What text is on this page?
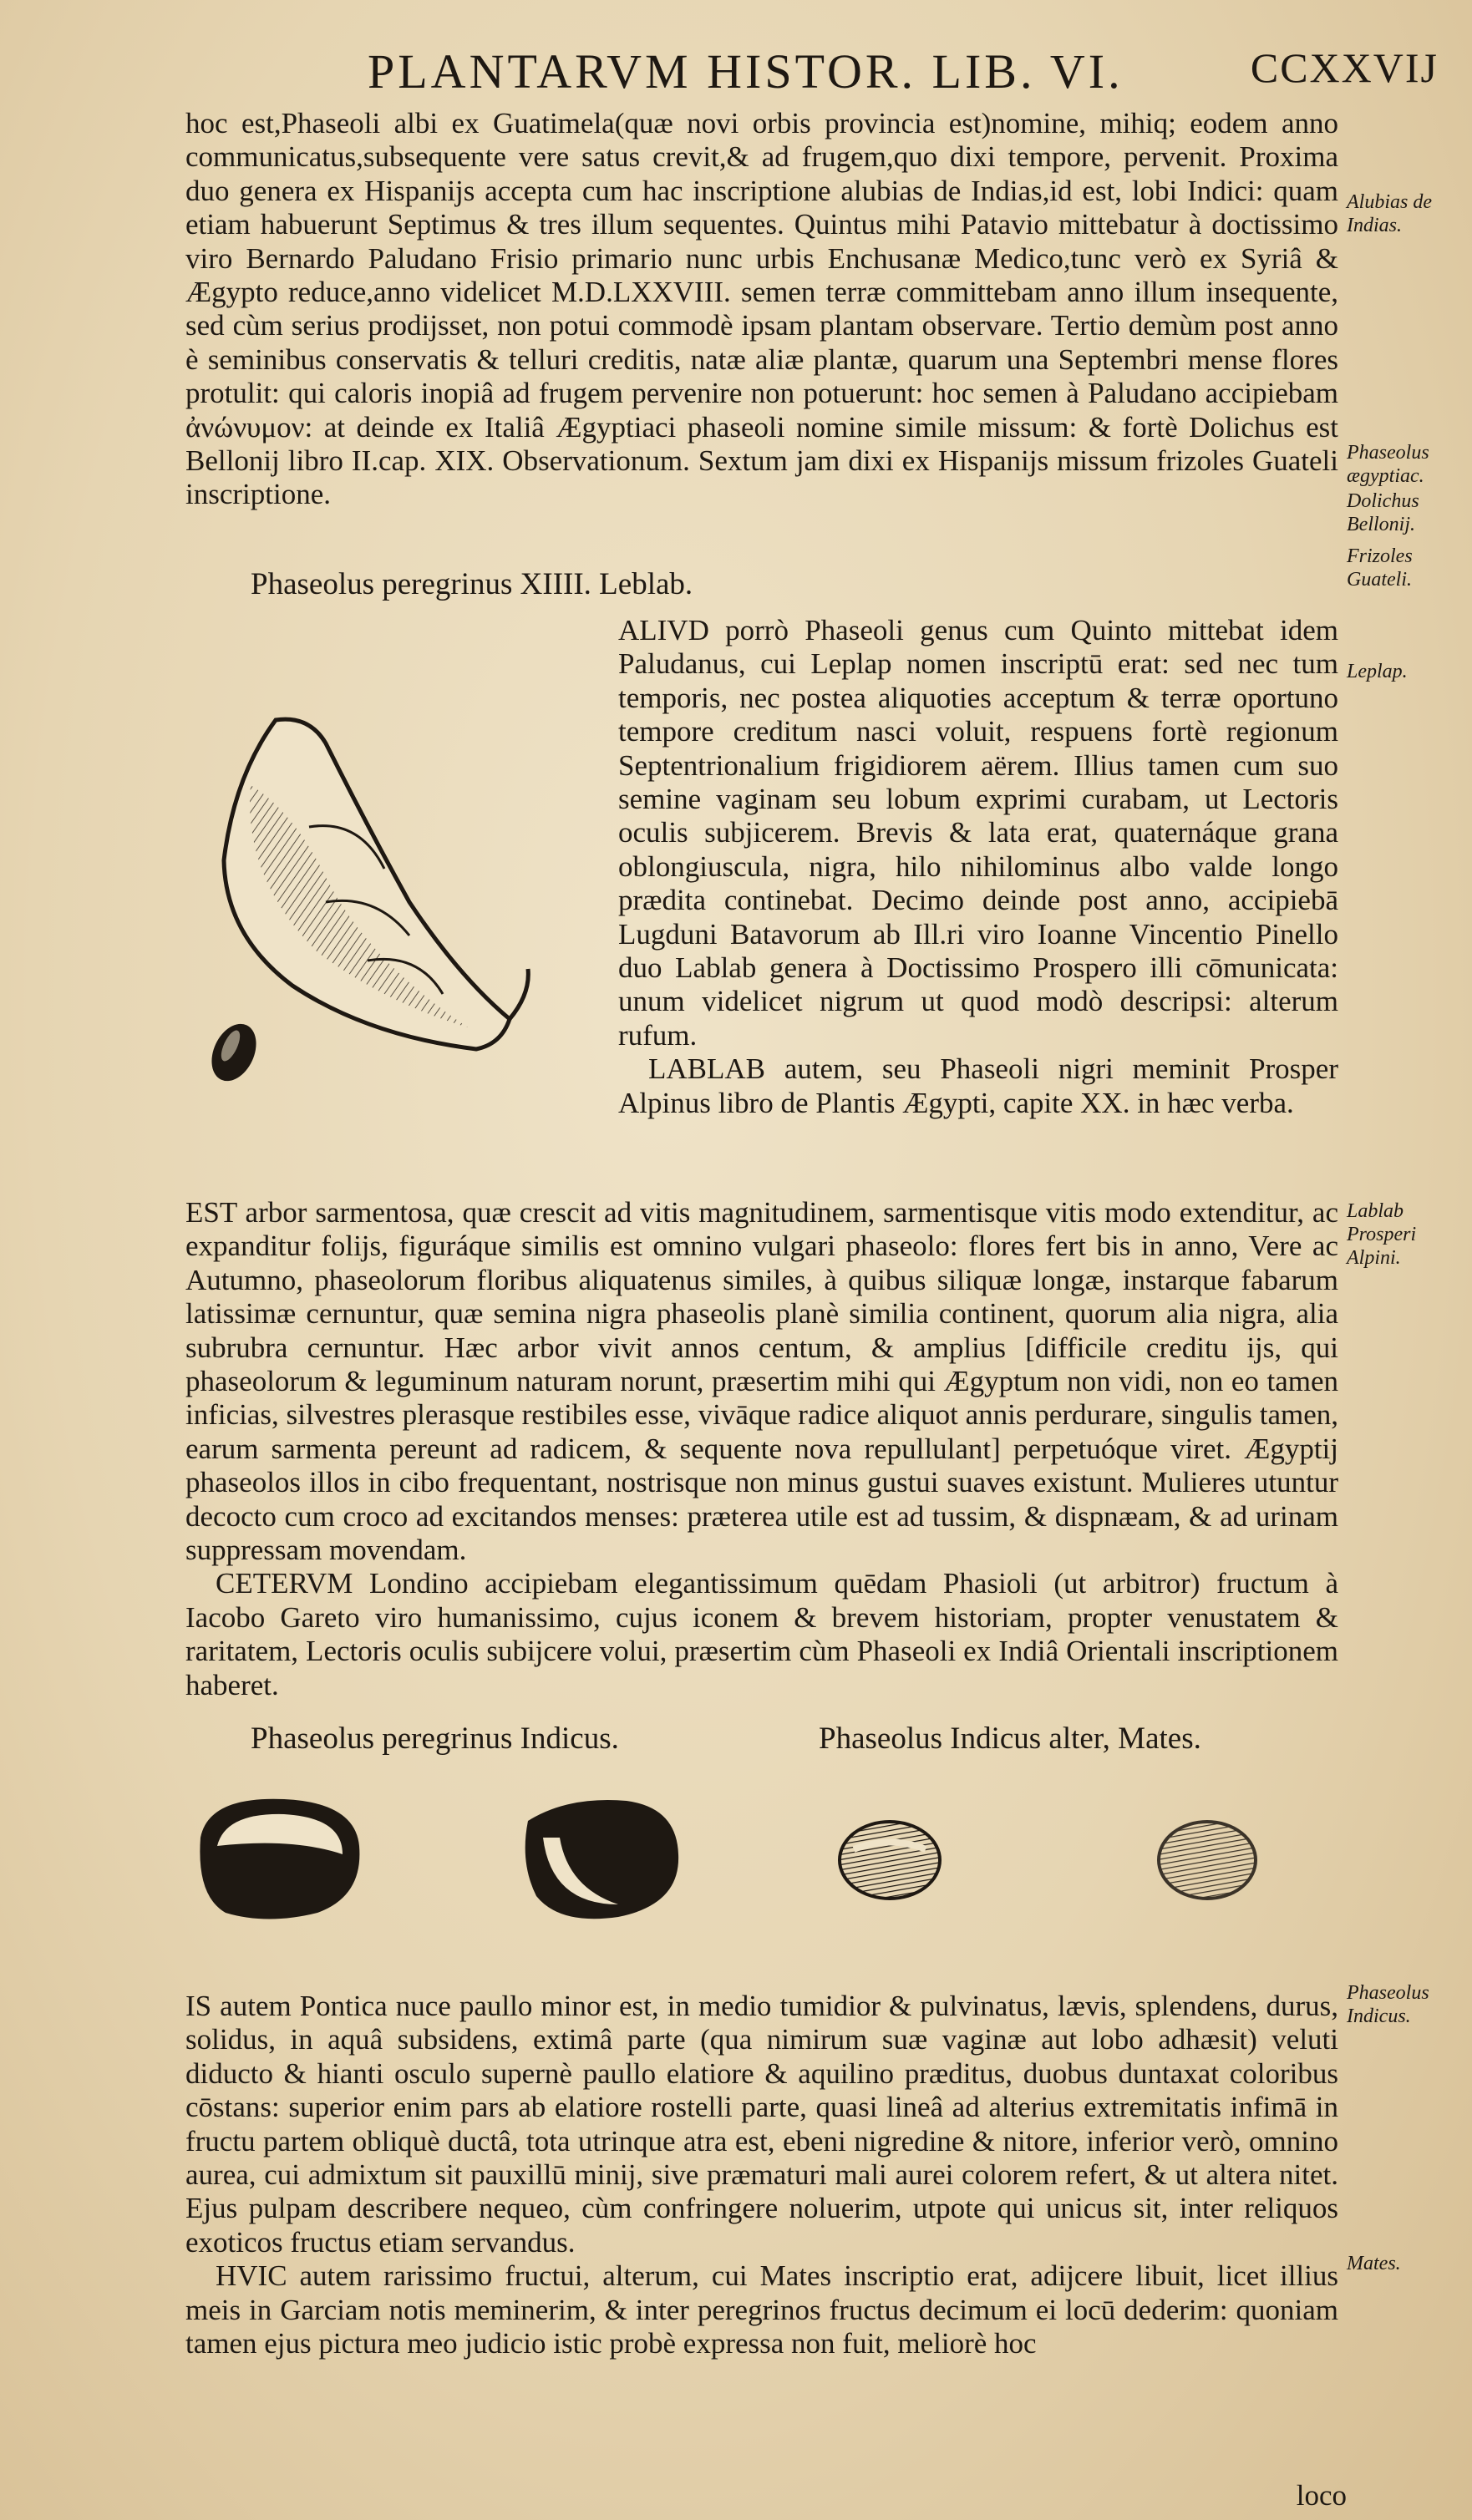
PLANTARVM HISTOR. LIB. VI.	CCXXVIJ

hoc est,Phaseoli albi ex Guatimela(quæ novi orbis provincia est)nomine, mihiq; eodem anno communicatus,subsequente vere satus crevit,& ad frugem,quo dixi tempore, pervenit. Proxima duo genera ex Hispanijs accepta cum hac inscriptione alubias de Indias,id est, lobi Indici: quam etiam habuerunt Septimus & tres illum sequentes. Quintus mihi Patavio mittebatur à doctissimo viro Bernardo Paludano Frisio primario nunc urbis Enchusanæ Medico,tunc verò ex Syriâ & Ægypto reduce,anno videlicet M.D.LXXVIII. semen terræ committebam anno illum insequente, sed cùm serius prodijsset, non potui commodè ipsam plantam observare. Tertio demùm post anno è seminibus conservatis & telluri creditis, natæ aliæ plantæ, quarum una Septembri mense flores protulit: qui caloris inopiâ ad frugem pervenire non potuerunt: hoc semen à Paludano accipiebam ἀνώνυμον: at deinde ex Italiâ Ægyptiaci phaseoli nomine simile missum: & fortè Dolichus est Bellonij libro II.cap. XIX. Observationum. Sextum jam dixi ex Hispanijs missum frizoles Guateli inscriptione.

Alubias de Indias.
Phaseolus ægyptiac.
Dolichus Bellonij.
Frizoles Guateli.
Phaseolus peregrinus XIIII. Leblab.

ALIVD porrò Phaseoli genus cum Quinto mittebat idem Paludanus, cui Leplap nomen inscriptū erat: sed nec tum temporis, nec postea aliquoties acceptum & terræ oportuno tempore creditum nasci voluit, respuens fortè regionum Septentrionalium frigidiorem aërem. Illius tamen cum suo semine vaginam seu lobum exprimi curabam, ut Lectoris oculis subjicerem. Brevis & lata erat, quaternáque grana oblongiuscula, nigra, hilo nihilominus albo valde longo prædita continebat. Decimo deinde post anno, accipiebā Lugduni Batavorum ab Ill.ri viro Ioanne Vincentio Pinello duo Lablab genera à Doctissimo Prospero illi cōmunicata: unum videlicet nigrum ut quod modò descripsi: alterum rufum.

LABLAB autem, seu Phaseoli nigri meminit Prosper Alpinus libro de Plantis Ægypti, capite XX. in hæc verba.

Leplap.

EST arbor sarmentosa, quæ crescit ad vitis magnitudinem, sarmentisque vitis modo extenditur, ac expanditur folijs, figuráque similis est omnino vulgari phaseolo: flores fert bis in anno, Vere ac Autumno, phaseolorum floribus aliquatenus similes, à quibus siliquæ longæ, instarque fabarum latissimæ cernuntur, quæ semina nigra phaseolis planè similia continent, quorum alia nigra, alia subrubra cernuntur. Hæc arbor vivit annos centum, & amplius [difficile creditu ijs, qui phaseolorum & leguminum naturam norunt, præsertim mihi qui Ægyptum non vidi, non eo tamen inficias, silvestres plerasque restibiles esse, vivāque radice aliquot annis perdurare, singulis tamen, earum sarmenta pereunt ad radicem, & sequente nova repullulant] perpetuóque viret. Ægyptij phaseolos illos in cibo frequentant, nostrisque non minus gustui suaves existunt. Mulieres utuntur decocto cum croco ad excitandos menses: præterea utile est ad tussim, & dispnæam, & ad urinam suppressam movendam.

CETERVM Londino accipiebam elegantissimum quēdam Phasioli (ut arbitror) fructum à Iacobo Gareto viro humanissimo, cujus iconem & brevem historiam, propter venustatem & raritatem, Lectoris oculis subijcere volui, præsertim cùm Phaseoli ex Indiâ Orientali inscriptionem haberet.

Lablab Prosperi Alpini.
Phaseolus peregrinus Indicus.	Phaseolus Indicus alter, Mates.

IS autem Pontica nuce paullo minor est, in medio tumidior & pulvinatus, lævis, splendens, durus, solidus, in aquâ subsidens, extimâ parte (qua nimirum suæ vaginæ aut lobo adhæsit) veluti diducto & hianti osculo supernè paullo elatiore & aquilino præditus, duobus duntaxat coloribus cōstans: superior enim pars ab elatiore rostelli parte, quasi lineâ ad alterius extremitatis infimā in fructu partem obliquè ductâ, tota utrinque atra est, ebeni nigredine & nitore, inferior verò, omnino aurea, cui admixtum sit pauxillū minij, sive præmaturi mali aurei colorem refert, & ut altera nitet. Ejus pulpam describere nequeo, cùm confringere noluerim, utpote qui unicus sit, inter reliquos exoticos fructus etiam servandus.

HVIC autem rarissimo fructui, alterum, cui Mates inscriptio erat, adijcere libuit, licet illius meis in Garciam notis meminerim, & inter peregrinos fructus decimum ei locū dederim: quoniam tamen ejus pictura meo judicio istic probè expressa non fuit, meliorè hoc

Phaseolus Indicus.
Mates.
loco
